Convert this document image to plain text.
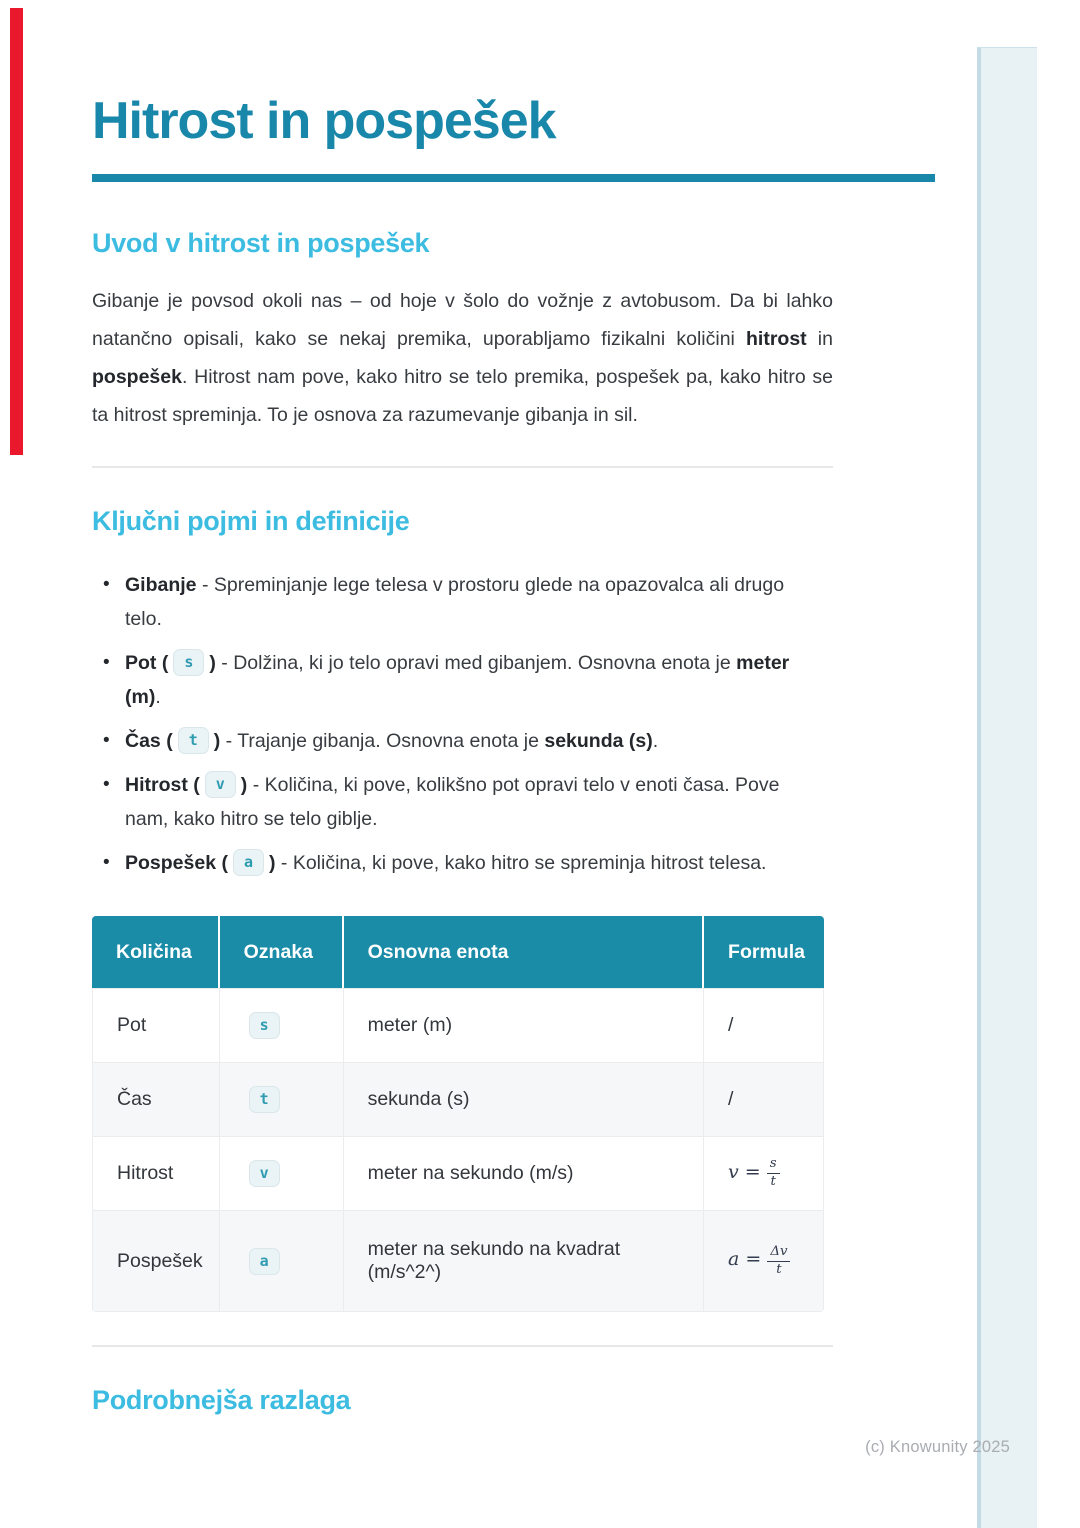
Hitrost in pospešek
Uvod v hitrost in pospešek

Gibanje je povsod okoli nas – od hoje v šolo do vožnje z avtobusom. Da bi lahko natančno opisali, kako se nekaj premika, uporabljamo fizikalni količini hitrost in pospešek. Hitrost nam pove, kako hitro se telo premika, pospešek pa, kako hitro se ta hitrost spreminja. To je osnova za razumevanje gibanja in sil.

Ključni pojmi in definicije
• Gibanje - Spreminjanje lege telesa v prostoru glede na opazovalca ali drugo telo.
• Pot ( s ) - Dolžina, ki jo telo opravi med gibanjem. Osnovna enota je meter (m).
• Čas ( t ) - Trajanje gibanja. Osnovna enota je sekunda (s).
• Hitrost ( v ) - Količina, ki pove, kolikšno pot opravi telo v enoti časa. Pove nam, kako hitro se telo giblje.
• Pospešek ( a ) - Količina, ki pove, kako hitro se spreminja hitrost telesa.
Količina	Oznaka	Osnovna enota	Formula
Pot	s	meter (m)	/
Čas	t	sekunda (s)	/
Hitrost	v	meter na sekundo (m/s)	$v = \frac{s}{t}$

Pospešek	a	meter na sekundo na kvadrat (m/s^2^)	$a = \frac{\Delta v}{t}$
Podrobnejša razlaga
(c) Knowunity 2025
